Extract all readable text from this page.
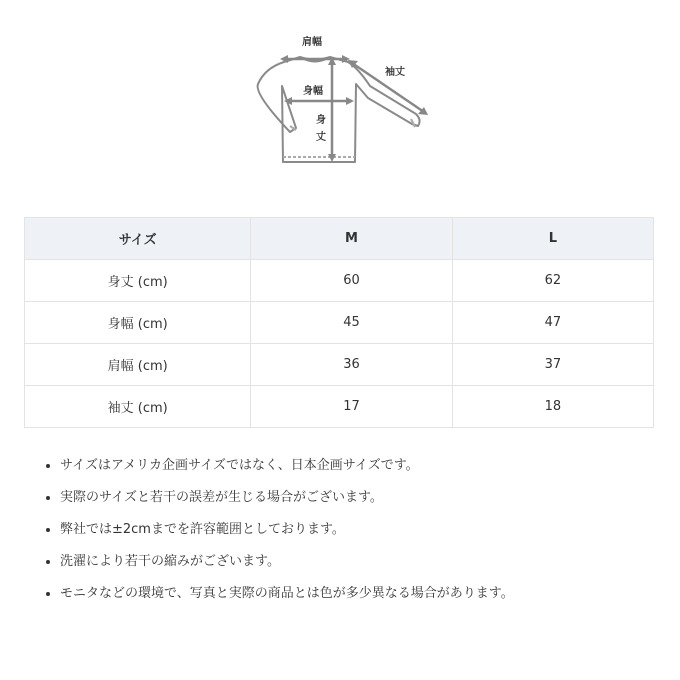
肩幅
袖丈
身幅
身
丈
サイズ	M	L
身丈 (cm)	60	62
身幅 (cm)	45	47
肩幅 (cm)	36	37
袖丈 (cm)	17	18
• サイズはアメリカ企画サイズではなく、日本企画サイズです。
• 実際のサイズと若干の誤差が生じる場合がございます。
• 弊社では±2cmまでを許容範囲としております。
• 洗濯により若干の縮みがございます。
• モニタなどの環境で、写真と実際の商品とは色が多少異なる場合があります。
